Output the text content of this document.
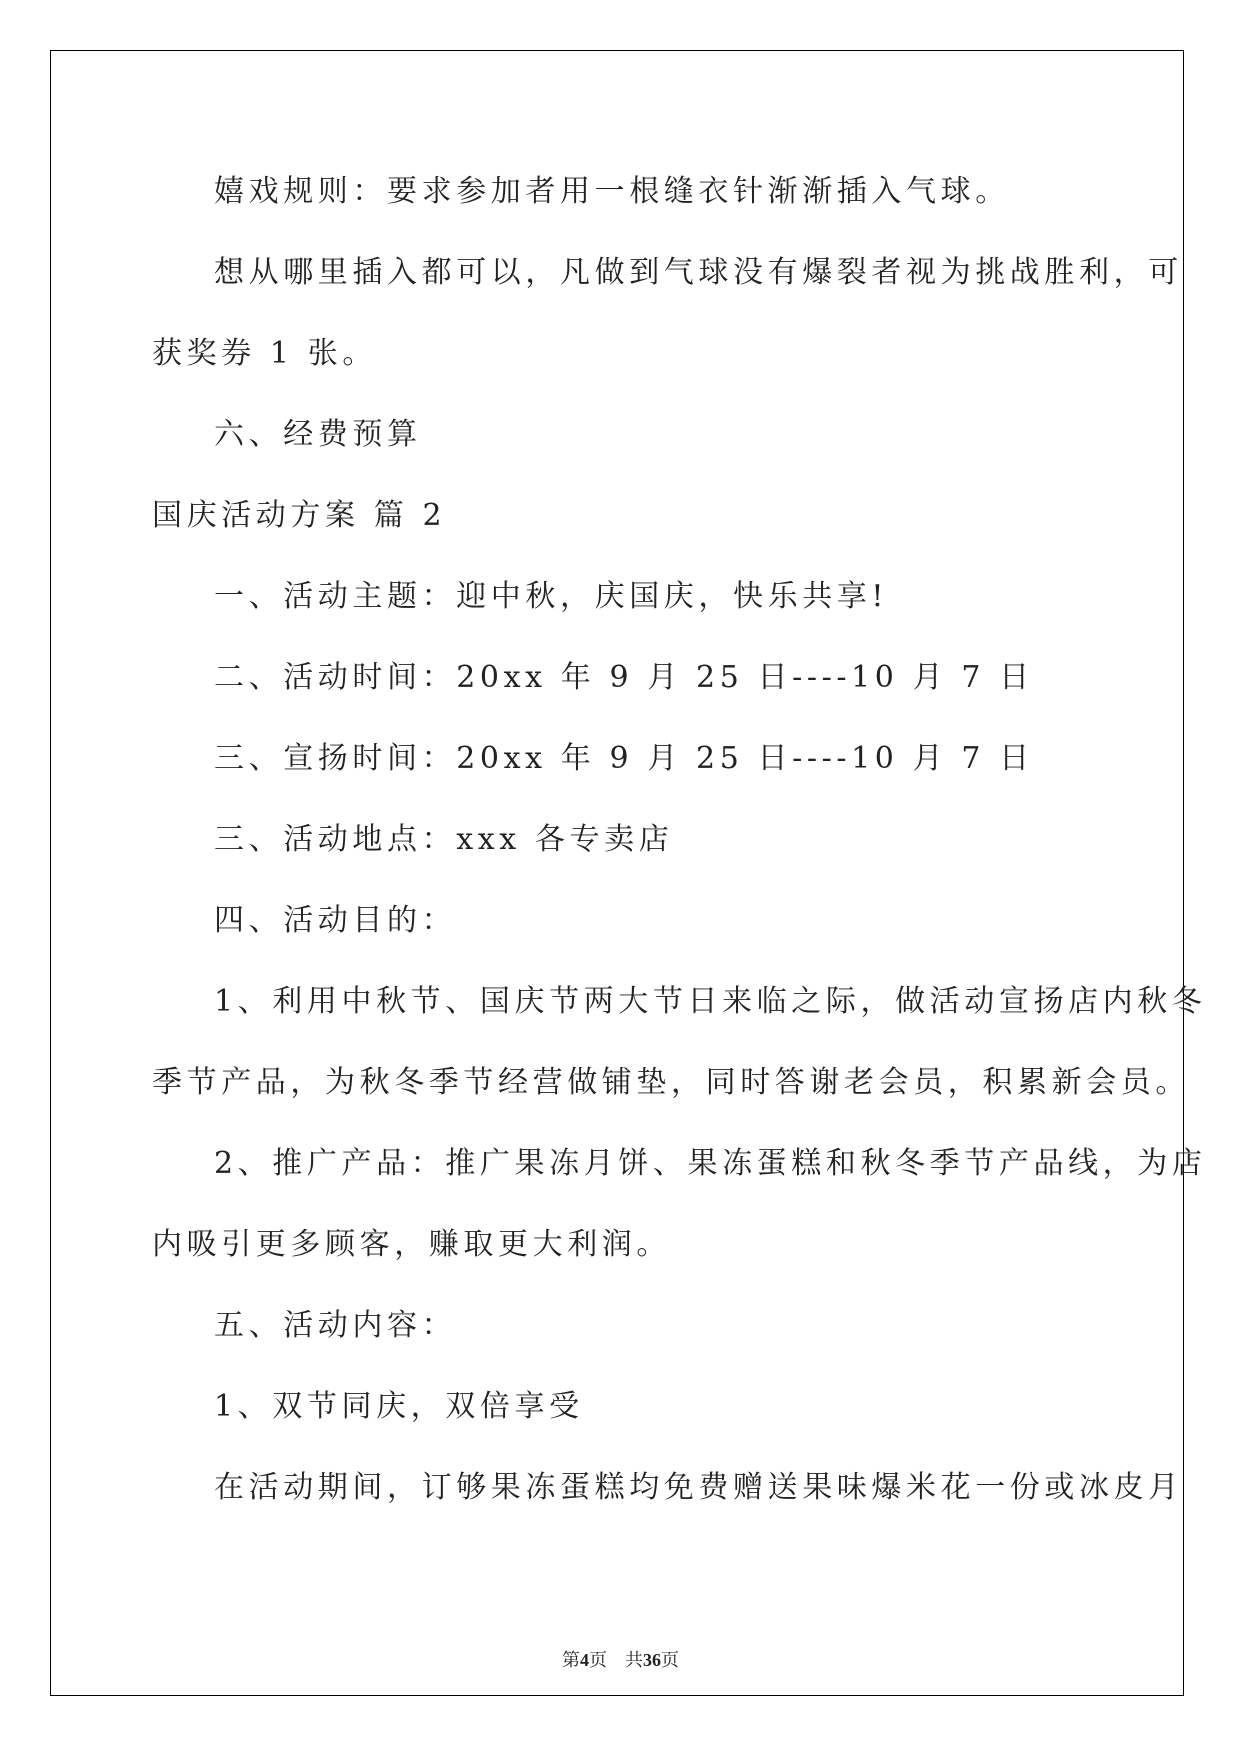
嬉戏规则：要求参加者用一根缝衣针渐渐插入气球。
想从哪里插入都可以，凡做到气球没有爆裂者视为挑战胜利，可
获奖券 1 张。
六、经费预算
国庆活动方案 篇 2
一、活动主题：迎中秋，庆国庆，快乐共享!
二、活动时间：20xx 年 9 月 25 日----10 月 7 日
三、宣扬时间：20xx 年 9 月 25 日----10 月 7 日
三、活动地点：xxx 各专卖店
四、活动目的：
1、利用中秋节、国庆节两大节日来临之际，做活动宣扬店内秋冬
季节产品，为秋冬季节经营做铺垫，同时答谢老会员，积累新会员。
2、推广产品：推广果冻月饼、果冻蛋糕和秋冬季节产品线，为店
内吸引更多顾客，赚取更大利润。
五、活动内容：
1、双节同庆，双倍享受
在活动期间，订够果冻蛋糕均免费赠送果味爆米花一份或冰皮月
第4页　共36页
